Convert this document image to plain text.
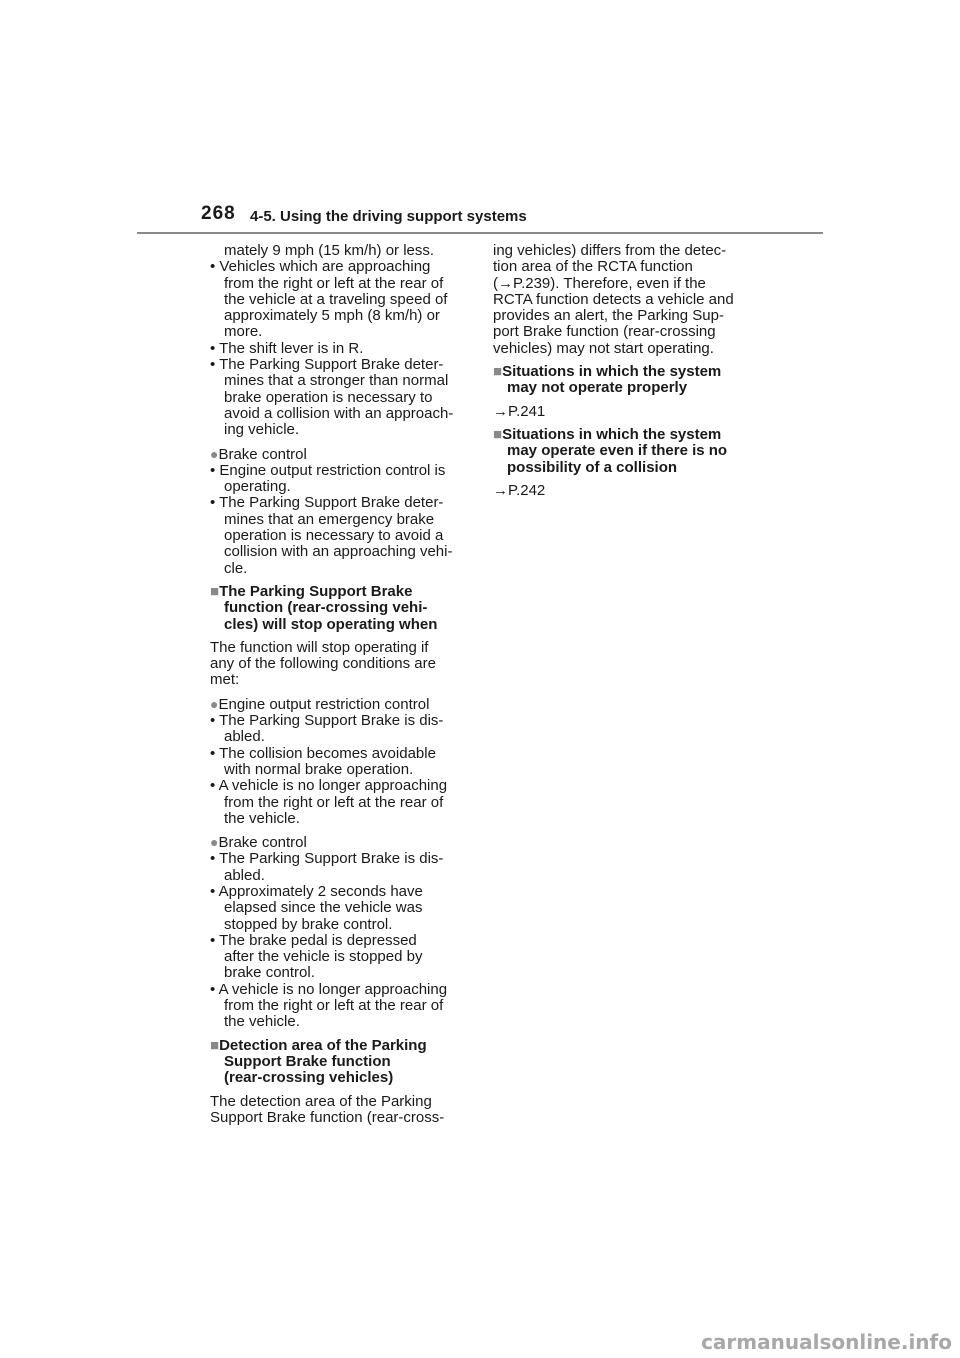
268 4-5. Using the driving support systems
mately 9 mph (15 km/h) or less.
• Vehicles which are approaching
from the right or left at the rear of
the vehicle at a traveling speed of
approximately 5 mph (8 km/h) or
more.
• The shift lever is in R.
• The Parking Support Brake deter-
mines that a stronger than normal
brake operation is necessary to
avoid a collision with an approach-
ing vehicle.
●Brake control
• Engine output restriction control is
operating.
• The Parking Support Brake deter-
mines that an emergency brake
operation is necessary to avoid a
collision with an approaching vehi-
cle.
■The Parking Support Brake
function (rear-crossing vehi-
cles) will stop operating when
The function will stop operating if
any of the following conditions are
met:
●Engine output restriction control
• The Parking Support Brake is dis-
abled.
• The collision becomes avoidable
with normal brake operation.
• A vehicle is no longer approaching
from the right or left at the rear of
the vehicle.
●Brake control
• The Parking Support Brake is dis-
abled.
• Approximately 2 seconds have
elapsed since the vehicle was
stopped by brake control.
• The brake pedal is depressed
after the vehicle is stopped by
brake control.
• A vehicle is no longer approaching
from the right or left at the rear of
the vehicle.
■Detection area of the Parking
Support Brake function
(rear-crossing vehicles)
The detection area of the Parking
Support Brake function (rear-cross-
ing vehicles) differs from the detec-
tion area of the RCTA function
(→P.239). Therefore, even if the
RCTA function detects a vehicle and
provides an alert, the Parking Sup-
port Brake function (rear-crossing
vehicles) may not start operating.
■Situations in which the system
may not operate properly
→P.241
■Situations in which the system
may operate even if there is no
possibility of a collision
→P.242
carmanualsonline.info
